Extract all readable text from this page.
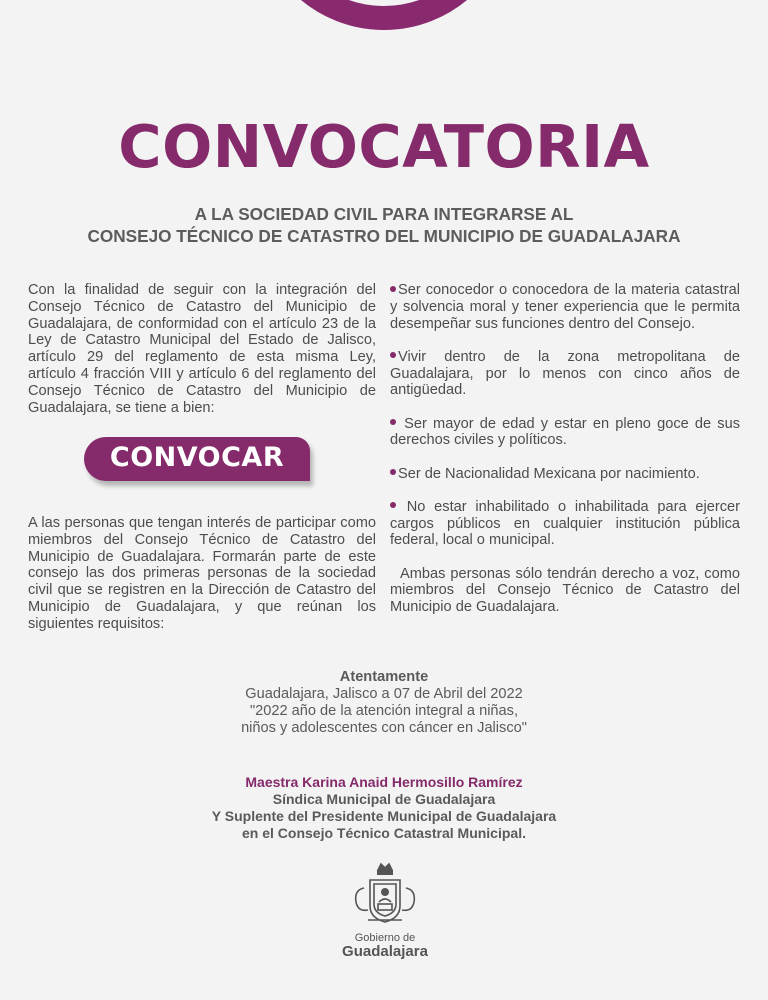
CONVOCATORIA
A LA SOCIEDAD CIVIL PARA INTEGRARSE AL
CONSEJO TÉCNICO DE CATASTRO DEL MUNICIPIO DE GUADALAJARA
Con la finalidad de seguir con la integración del Consejo Técnico de Catastro del Municipio de Guadalajara, de conformidad con el artículo 23 de la Ley de Catastro Municipal del Estado de Jalisco, artículo 29 del reglamento de esta misma Ley, artículo 4 fracción VIII y artículo 6 del reglamento del Consejo Técnico de Catastro del Municipio de Guadalajara, se tiene a bien:
CONVOCAR
A las personas que tengan interés de participar como miembros del Consejo Técnico de Catastro del Municipio de Guadalajara. Formarán parte de este consejo las dos primeras personas de la sociedad civil que se registren en la Dirección de Catastro del Municipio de Guadalajara, y que reúnan los siguientes requisitos:

Ser conocedor o conocedora de la materia catastral y solvencia moral y tener experiencia que le permita desempeñar sus funciones dentro del Consejo.

Vivir dentro de la zona metropolitana de Guadalajara, por lo menos con cinco años de antigüedad.

Ser mayor de edad y estar en pleno goce de sus derechos civiles y políticos.

Ser de Nacionalidad Mexicana por nacimiento.

No estar inhabilitado o inhabilitada para ejercer cargos públicos en cualquier institución pública federal, local o municipal.

Ambas personas sólo tendrán derecho a voz, como miembros del Consejo Técnico de Catastro del Municipio de Guadalajara.

Atentamente
Guadalajara, Jalisco a 07 de Abril del 2022
"2022 año de la atención integral a niñas,
niños y adolescentes con cáncer en Jalisco"
Maestra Karina Anaid Hermosillo Ramírez
Síndica Municipal de Guadalajara
Y Suplente del Presidente Municipal de Guadalajara
en el Consejo Técnico Catastral Municipal.
Gobierno de
Guadalajara
